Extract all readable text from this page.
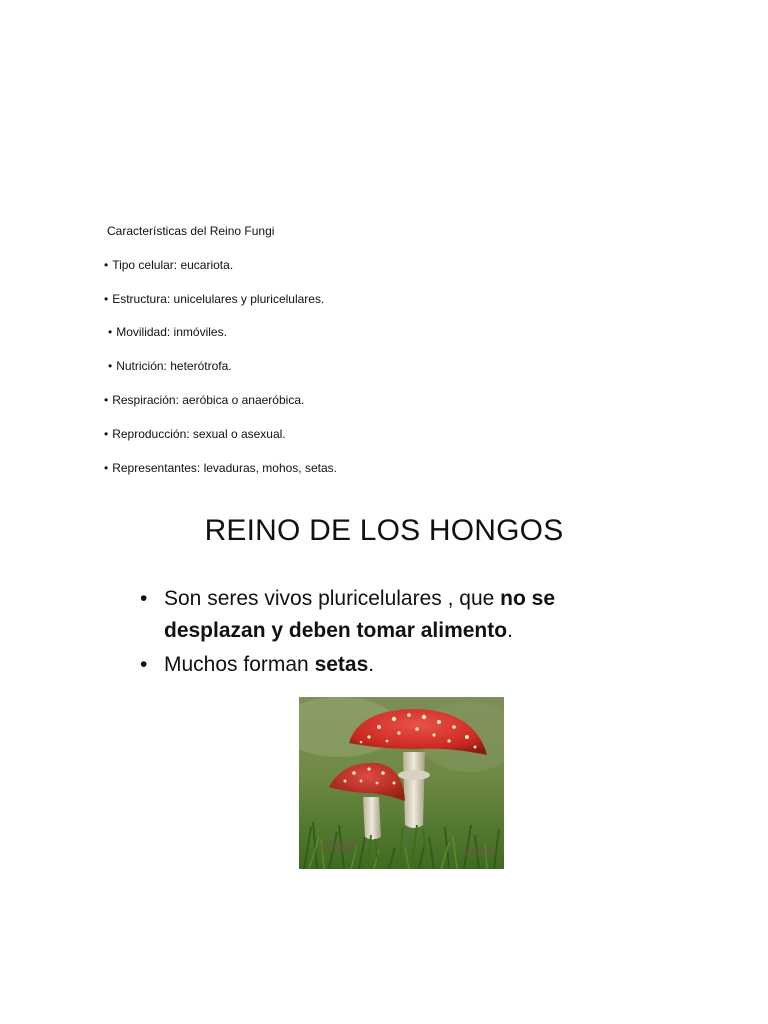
Características del Reino Fungi
• Tipo celular: eucariota.
• Estructura: unicelulares y pluricelulares.
• Movilidad: inmóviles.
• Nutrición: heterótrofa.
• Respiración: aeróbica o anaeróbica.
• Reproducción: sexual o asexual.
• Representantes: levaduras, mohos, setas.
REINO DE LOS HONGOS
• Son seres vivos pluricelulares , que no se desplazan y deben tomar alimento.
• Muchos forman setas.
